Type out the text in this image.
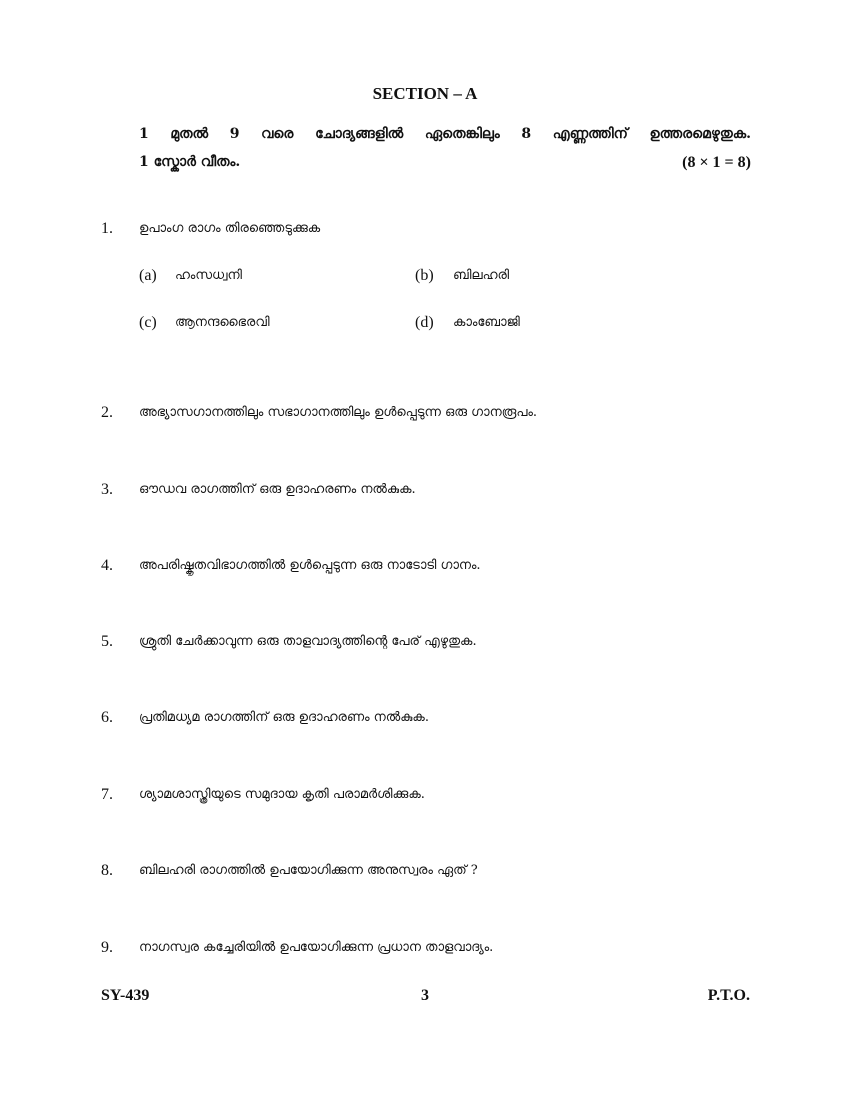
SECTION – A
1 മുതൽ 9 വരെ ചോദ്യങ്ങളിൽ ഏതെങ്കിലും 8 എണ്ണത്തിന് ഉത്തരമെഴുതുക.
1 സ്കോർ വീതം.	(8 × 1 = 8)
1. ഉപാംഗ രാഗം തിരഞ്ഞെടുക്കുക
(a) ഹംസധ്വനി	(b) ബിലഹരി
(c) ആനന്ദഭൈരവി	(d) കാംബോജി
2. അഭ്യാസഗാനത്തിലും സഭാഗാനത്തിലും ഉൾപ്പെടുന്ന ഒരു ഗാനരൂപം.
3. ഔഡവ രാഗത്തിന് ഒരു ഉദാഹരണം നൽകുക.
4. അപരിഷ്കൃതവിഭാഗത്തിൽ ഉൾപ്പെടുന്ന ഒരു നാടോടി ഗാനം.
5. ശ്രുതി ചേർക്കാവുന്ന ഒരു താളവാദ്യത്തിന്റെ പേര് എഴുതുക.
6. പ്രതിമധ്യമ രാഗത്തിന് ഒരു ഉദാഹരണം നൽകുക.
7. ശ്യാമശാസ്ത്രിയുടെ സമുദായ കൃതി പരാമർശിക്കുക.
8. ബിലഹരി രാഗത്തിൽ ഉപയോഗിക്കുന്ന അനുസ്വരം ഏത് ?
9. നാഗസ്വര കച്ചേരിയിൽ ഉപയോഗിക്കുന്ന പ്രധാന താളവാദ്യം.
SY-439	3	P.T.O.
